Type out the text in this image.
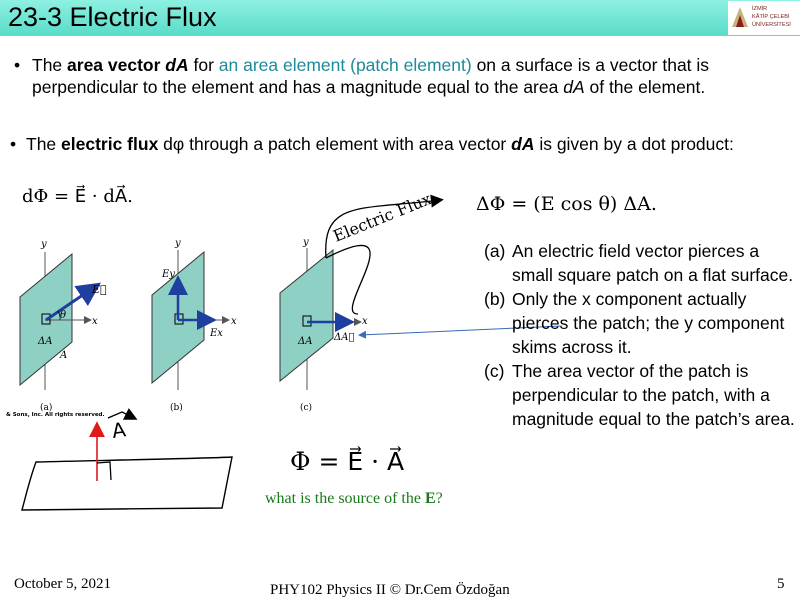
23-3 Electric Flux	İZMİR
KÂTİP ÇELEBİ
ÜNİVERSİTESİ
• The area vector dA for an area element (patch element) on a surface is a vector that is perpendicular to the element and has a magnitude equal to the area dA of the element.
• The electric flux dφ through a patch element with area vector dA is given by a dot product:
dΦ = E⃗ · dA⃗.	ΔΦ = (E cos θ) ΔA.
Φ = E⃗ · A⃗
y
x
E⃗
θ
ΔA
A
(a)
y
x
Ey
Ex
(b)
y
x
ΔA ΔA⃗
Electric Flux
(c)
& Sons, Inc. All rights reserved.
A
(a) An electric field vector pierces a small square patch on a flat surface.
(b) Only the x component actually pierces the patch; the y component skims across it.
(c) The area vector of the patch is perpendicular to the patch, with a magnitude equal to the patch’s area.
what is the source of the E?
October 5, 2021	PHY102 Physics II © Dr.Cem Özdoğan	5
